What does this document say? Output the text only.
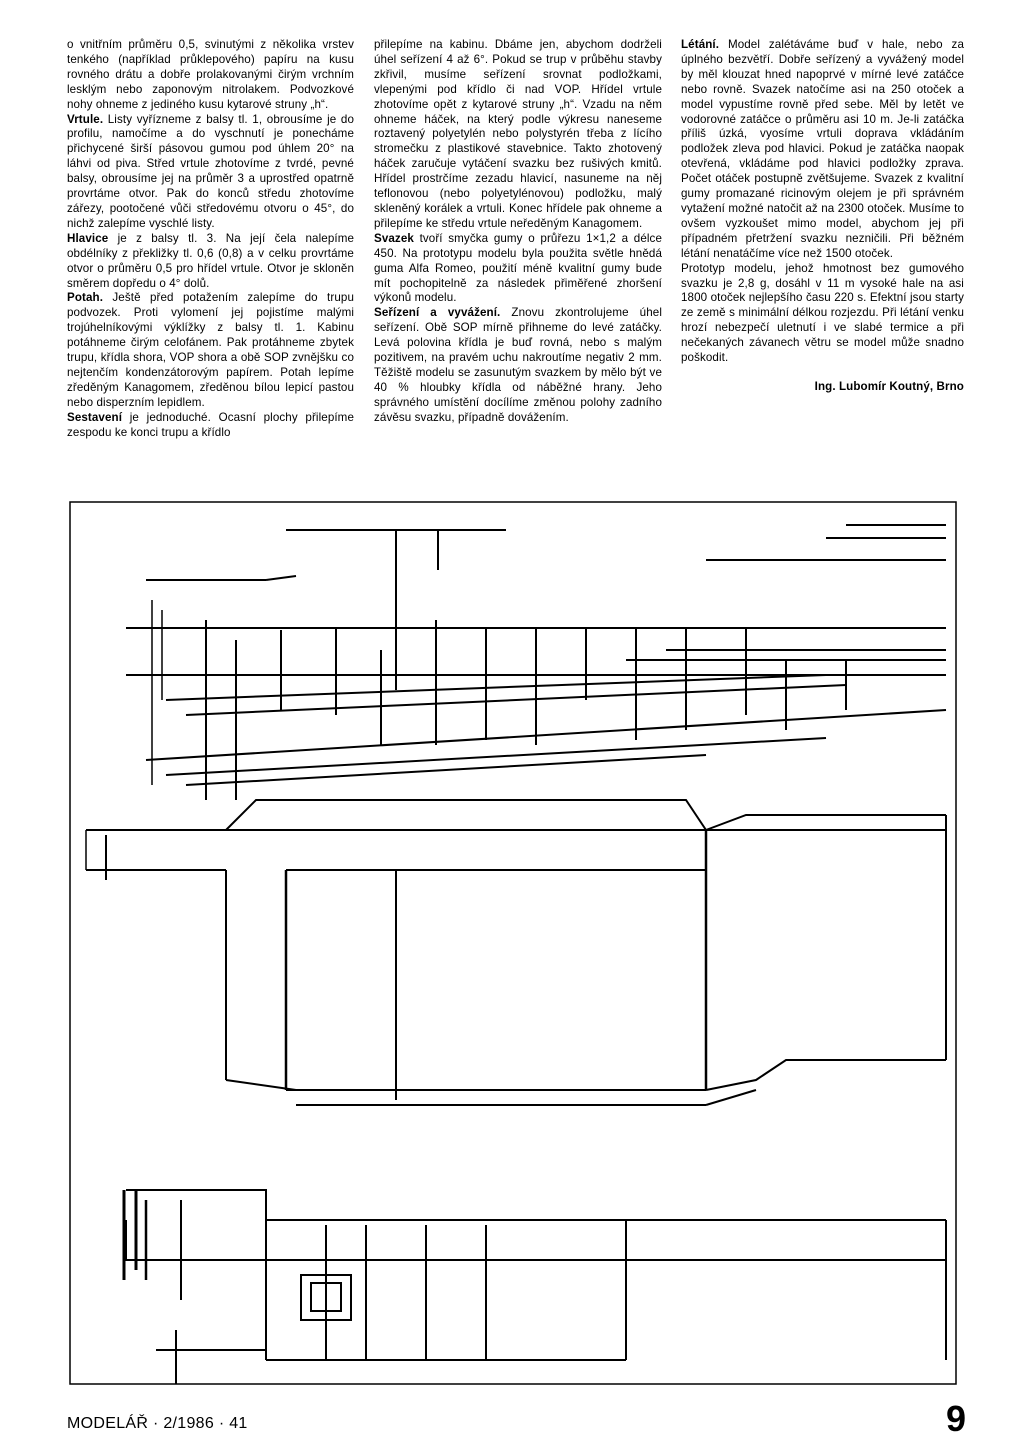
o vnitřním průměru 0,5, svinutými z několika vrstev tenkého (například průklepového) papíru na kusu rovného drátu a dobře prolakovanými čirým vrchním lesklým nebo zaponovým nitrolakem. Podvozkové nohy ohneme z jediného kusu kytarové struny „h“.

Vrtule. Listy vyřízneme z balsy tl. 1, obrousíme je do profilu, namočíme a do vyschnutí je ponecháme přichycené širší pásovou gumou pod úhlem 20° na láhvi od piva. Střed vrtule zhotovíme z tvrdé, pevné balsy, obrousíme jej na průměr 3 a uprostřed opatrně provrtáme otvor. Pak do konců středu zhotovíme zářezy, pootočené vůči středovému otvoru o 45°, do nichž zalepíme vyschlé listy.

Hlavice je z balsy tl. 3. Na její čela nalepíme obdélníky z překližky tl. 0,6 (0,8) a v celku provrtáme otvor o průměru 0,5 pro hřídel vrtule. Otvor je skloněn směrem dopředu o 4° dolů.

Potah. Ještě před potažením zalepíme do trupu podvozek. Proti vylomení jej pojistíme malými trojúhelníkovými výklížky z balsy tl. 1. Kabinu potáhneme čirým celofánem. Pak protáhneme zbytek trupu, křídla shora, VOP shora a obě SOP zvnějšku co nejtenčím kondenzátorovým papírem. Potah lepíme zředěným Kanagomem, zředěnou bílou lepicí pastou nebo disperzním lepidlem.

Sestavení je jednoduché. Ocasní plochy přilepíme zespodu ke konci trupu a křídlo

přilepíme na kabinu. Dbáme jen, abychom dodrželi úhel seřízení 4 až 6°. Pokud se trup v průběhu stavby zkřivil, musíme seřízení srovnat podložkami, vlepenými pod křídlo či nad VOP. Hřídel vrtule zhotovíme opět z kytarové struny „h“. Vzadu na něm ohneme háček, na který podle výkresu naneseme roztavený polyetylén nebo polystyrén třeba z lícího stromečku z plastikové stavebnice. Takto zhotovený háček zaručuje vytáčení svazku bez rušivých kmitů. Hřídel prostrčíme zezadu hlavicí, nasuneme na něj teflonovou (nebo polyetylénovou) podložku, malý skleněný korálek a vrtuli. Konec hřídele pak ohneme a přilepíme ke středu vrtule neředěným Kanagomem.

Svazek tvoří smyčka gumy o průřezu 1×1,2 a délce 450. Na prototypu modelu byla použita světle hnědá guma Alfa Romeo, použití méně kvalitní gumy bude mít pochopitelně za následek přiměřené zhoršení výkonů modelu.

Seřízení a vyvážení. Znovu zkontrolujeme úhel seřízení. Obě SOP mírně přihneme do levé zatáčky. Levá polovina křídla je buď rovná, nebo s malým pozitivem, na pravém uchu nakroutíme negativ 2 mm. Těžiště modelu se zasunutým svazkem by mělo být ve 40 % hloubky křídla od náběžné hrany. Jeho správného umístění docílíme změnou polohy zadního závěsu svazku, případně dovážením.

Létání. Model zalétáváme buď v hale, nebo za úplného bezvětří. Dobře seřízený a vyvážený model by měl klouzat hned napoprvé v mírné levé zatáčce nebo rovně. Svazek natočíme asi na 250 otoček a model vypustíme rovně před sebe. Měl by letět ve vodorovné zatáčce o průměru asi 10 m. Je-li zatáčka příliš úzká, vyosíme vrtuli doprava vkládáním podložek zleva pod hlavici. Pokud je zatáčka naopak otevřená, vkládáme pod hlavici podložky zprava. Počet otáček postupně zvětšujeme. Svazek z kvalitní gumy promazané ricinovým olejem je při správném vytažení možné natočit až na 2300 otoček. Musíme to ovšem vyzkoušet mimo model, abychom jej při případném přetržení svazku nezničili. Při běžném létání nenatáčíme více než 1500 otoček.

Prototyp modelu, jehož hmotnost bez gumového svazku je 2,8 g, dosáhl v 11 m vysoké hale na asi 1800 otoček nejlepšího času 220 s. Efektní jsou starty ze země s minimální délkou rozjezdu. Při létání venku hrozí nebezpečí uletnutí i ve slabé termice a při nečekaných závanech větru se model může snadno poškodit.

Ing. Lubomír Koutný, Brno

MODELÁŘ · 2/1986 · 41	9
